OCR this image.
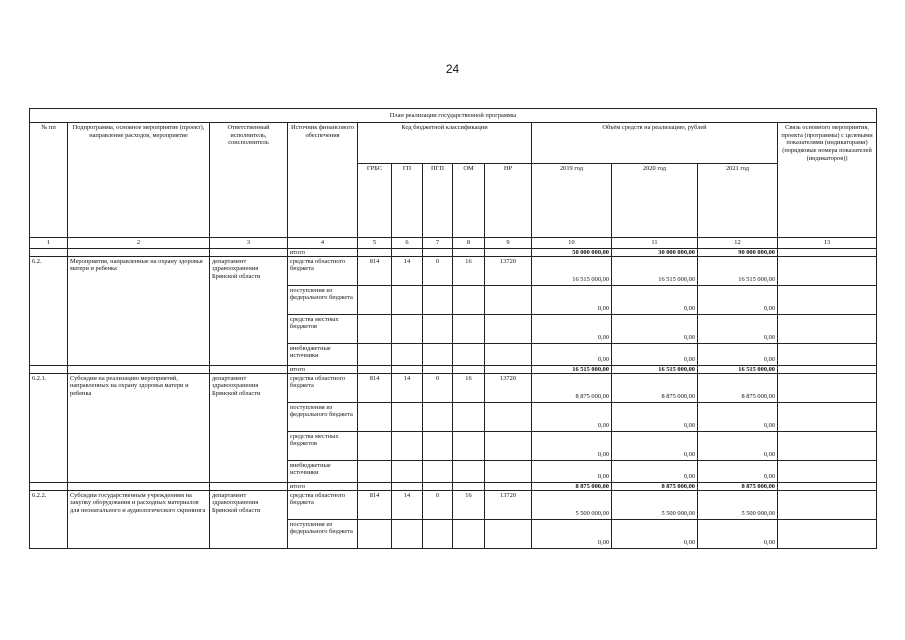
24
План реализации государственной программы												
№ пп	Подпрограмма, основное мероприятие (проект), направление расходов, мероприятие	Ответственный исполнитель, соисполнитель	Источник финансового обеспечения	Код бюджетной классификации					Объём средств на реализацию, рублей			Связь основного мероприятия, проекта (программы) с целевыми показателями (индикаторами) (порядковые номера показателей (индикаторов))
				ГРБС	ГП	ПГП	ОМ	НР	2019 год	2020 год	2021 год	
1	2	3	4	5	6	7	8	9	10	11	12	13
			итого						50 000 000,00	30 000 000,00	90 000 000,00	
6.2.	Мероприятия, направленные на охрану здоровья матери и ребенка	департамент здравоохранения Брянской области	средства областного бюджета	814	14	0	16	13720	16 515 000,00	16 515 000,00	16 515 000,00	
			поступления из федерального бюджета						0,00	0,00	0,00	
			средства местных бюджетов						0,00	0,00	0,00	
			внебюджетные источники						0,00	0,00	0,00	
			итого						16 515 000,00	16 515 000,00	16 515 000,00	
6.2.1.	Субсидии на реализацию мероприятий, направленных на охрану здоровья матери и ребенка	департамент здравоохранения Брянской области	средства областного бюджета	814	14	0	16	13720	8 875 000,00	8 875 000,00	8 875 000,00	
			поступления из федерального бюджета						0,00	0,00	0,00	
			средства местных бюджетов						0,00	0,00	0,00	
			внебюджетные источники						0,00	0,00	0,00	
			итого						8 875 000,00	8 875 000,00	8 875 000,00	
6.2.2.	Субсидии государственным учреждениям на закупку оборудования и расходных материалов для неонатального и аудиологического скрининга	департамент здравоохранения Брянской области	средства областного бюджета	814	14	0	16	13720	5 500 000,00	5 500 000,00	5 500 000,00	
			поступления из федерального бюджета						0,00	0,00	0,00	
